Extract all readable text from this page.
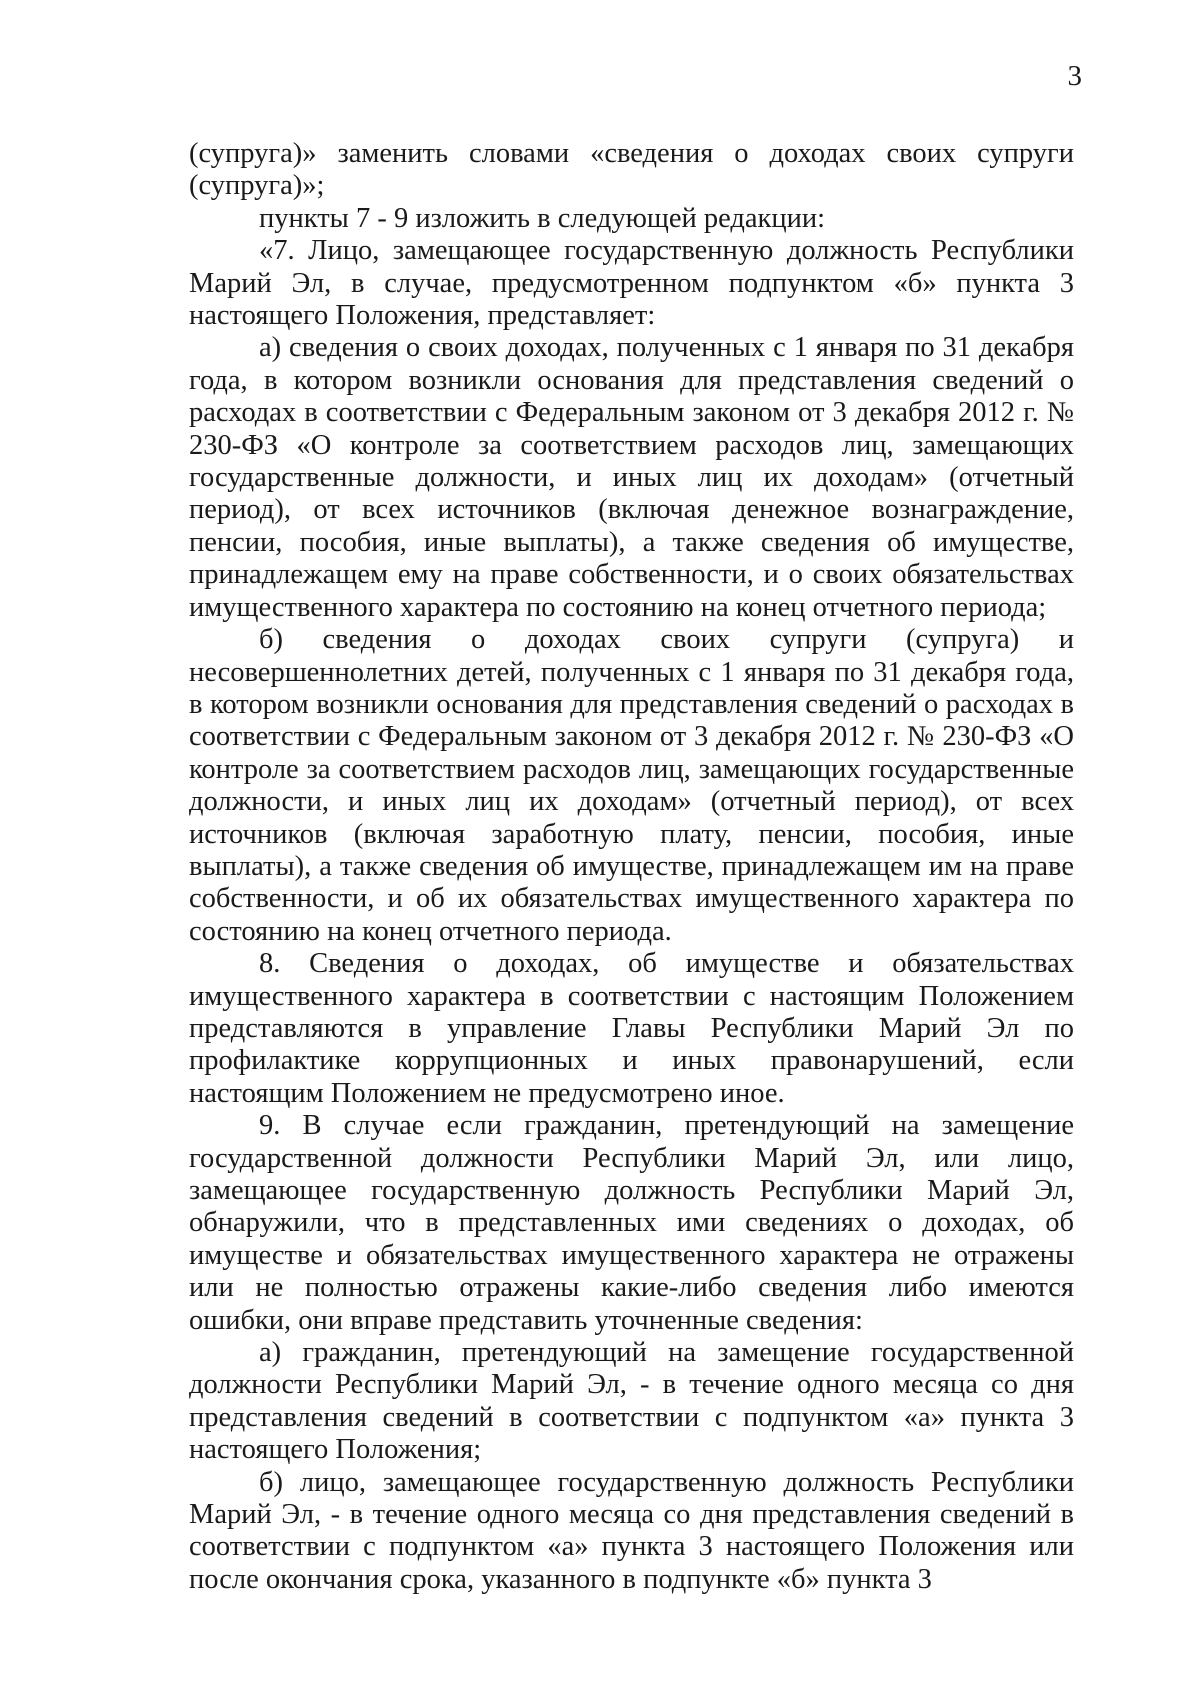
3

(супруга)» заменить словами «сведения о доходах своих супруги (супруга)»;

пункты 7 - 9 изложить в следующей редакции:

«7. Лицо, замещающее государственную должность Республики Марий Эл, в случае, предусмотренном подпунктом «б» пункта 3 настоящего Положения, представляет:

а) сведения о своих доходах, полученных с 1 января по 31 декабря года, в котором возникли основания для представления сведений о расходах в соответствии с Федеральным законом от 3 декабря 2012 г. № 230-ФЗ «О контроле за соответствием расходов лиц, замещающих государственные должности, и иных лиц их доходам» (отчетный период), от всех источников (включая денежное вознаграждение, пенсии, пособия, иные выплаты), а также сведения об имуществе, принадлежащем ему на праве собственности, и о своих обязательствах имущественного характера по состоянию на конец отчетного периода;

б) сведения о доходах своих супруги (супруга) и несовершеннолетних детей, полученных с 1 января по 31 декабря года, в котором возникли основания для представления сведений о расходах в соответствии с Федеральным законом от 3 декабря 2012 г. № 230-ФЗ «О контроле за соответствием расходов лиц, замещающих государственные должности, и иных лиц их доходам» (отчетный период), от всех источников (включая заработную плату, пенсии, пособия, иные выплаты), а также сведения об имуществе, принадлежащем им на праве собственности, и об их обязательствах имущественного характера по состоянию на конец отчетного периода.

8. Сведения о доходах, об имуществе и обязательствах имущественного характера в соответствии с настоящим Положением представляются в управление Главы Республики Марий Эл по профилактике коррупционных и иных правонарушений, если настоящим Положением не предусмотрено иное.

9. В случае если гражданин, претендующий на замещение государственной должности Республики Марий Эл, или лицо, замещающее государственную должность Республики Марий Эл, обнаружили, что в представленных ими сведениях о доходах, об имуществе и обязательствах имущественного характера не отражены или не полностью отражены какие-либо сведения либо имеются ошибки, они вправе представить уточненные сведения:

а) гражданин, претендующий на замещение государственной должности Республики Марий Эл, - в течение одного месяца со дня представления сведений в соответствии с подпунктом «а» пункта 3 настоящего Положения;

б) лицо, замещающее государственную должность Республики Марий Эл, - в течение одного месяца со дня представления сведений в соответствии с подпунктом «а» пункта 3 настоящего Положения или после окончания срока, указанного в подпункте «б» пункта 3
